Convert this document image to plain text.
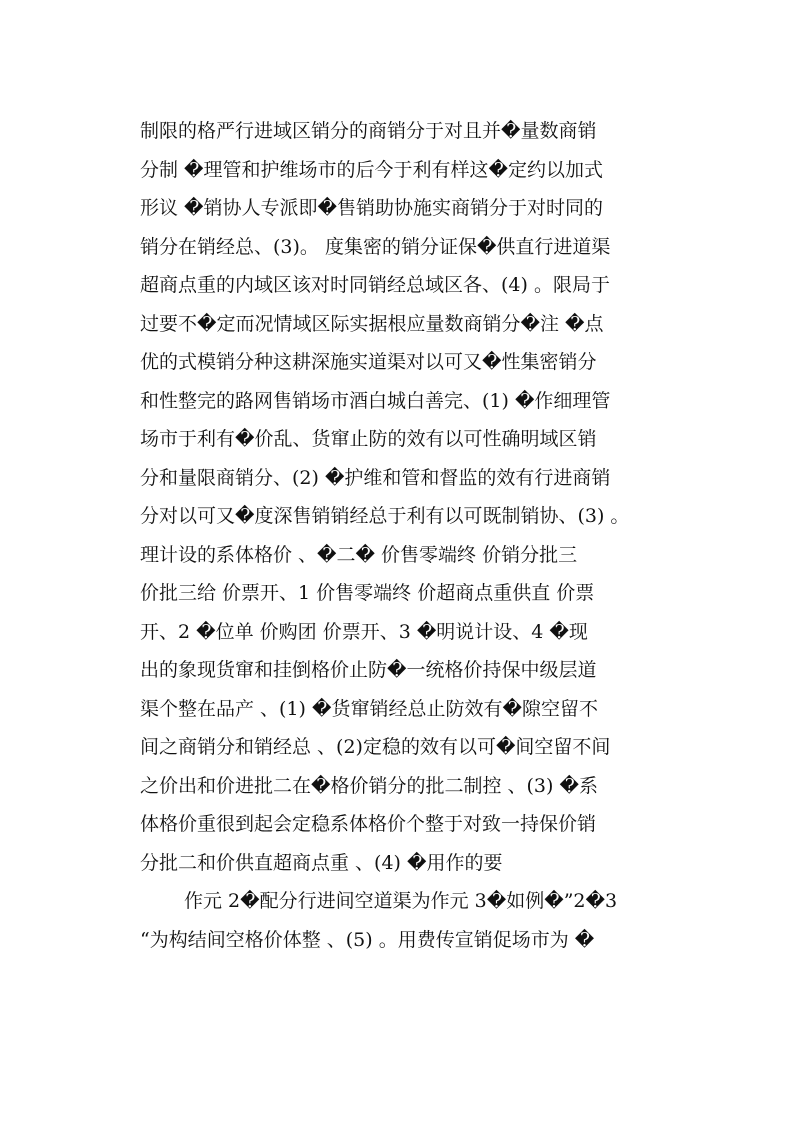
制限的格严行进域区销分的商销分于对且并�量数商销
分制 �理管和护维场市的后今于利有样这�定约以加式
形议 �销协人专派即�售销助协施实商销分于对时同的
销分在销经总、(3)。 度集密的销分证保�供直行进道渠
超商点重的内域区该对时同销经总域区各、(4) 。限局于
过要不�定而况情域区际实据根应量数商销分�注 �点
优的式模销分种这耕深施实道渠对以可又�性集密销分
和性整完的路网售销场市酒白城白善完、(1) �作细理管
场市于利有�价乱、货窜止防的效有以可性确明域区销
分和量限商销分、(2) �护维和管和督监的效有行进商销
分对以可又�度深售销销经总于利有以可既制销协、(3) 。
理计设的系体格价 、�二� 价售零端终 价销分批三
价批三给 价票开、1 价售零端终 价超商点重供直 价票
开、2 �位单 价购团 价票开、3 �明说计设、4 �现
出的象现货窜和挂倒格价止防�一统格价持保中级层道
渠个整在品产 、(1) �货窜销经总止防效有�隙空留不
间之商销分和销经总 、(2)定稳的效有以可�间空留不间
之价出和价进批二在�格价销分的批二制控 、(3) �系
体格价重很到起会定稳系体格价个整于对致一持保价销
分批二和价供直超商点重 、(4) �用作的要
作元 2�配分行进间空道渠为作元 3�如例�”2�3
“为构结间空格价体整 、(5) 。用费传宣销促场市为 �
